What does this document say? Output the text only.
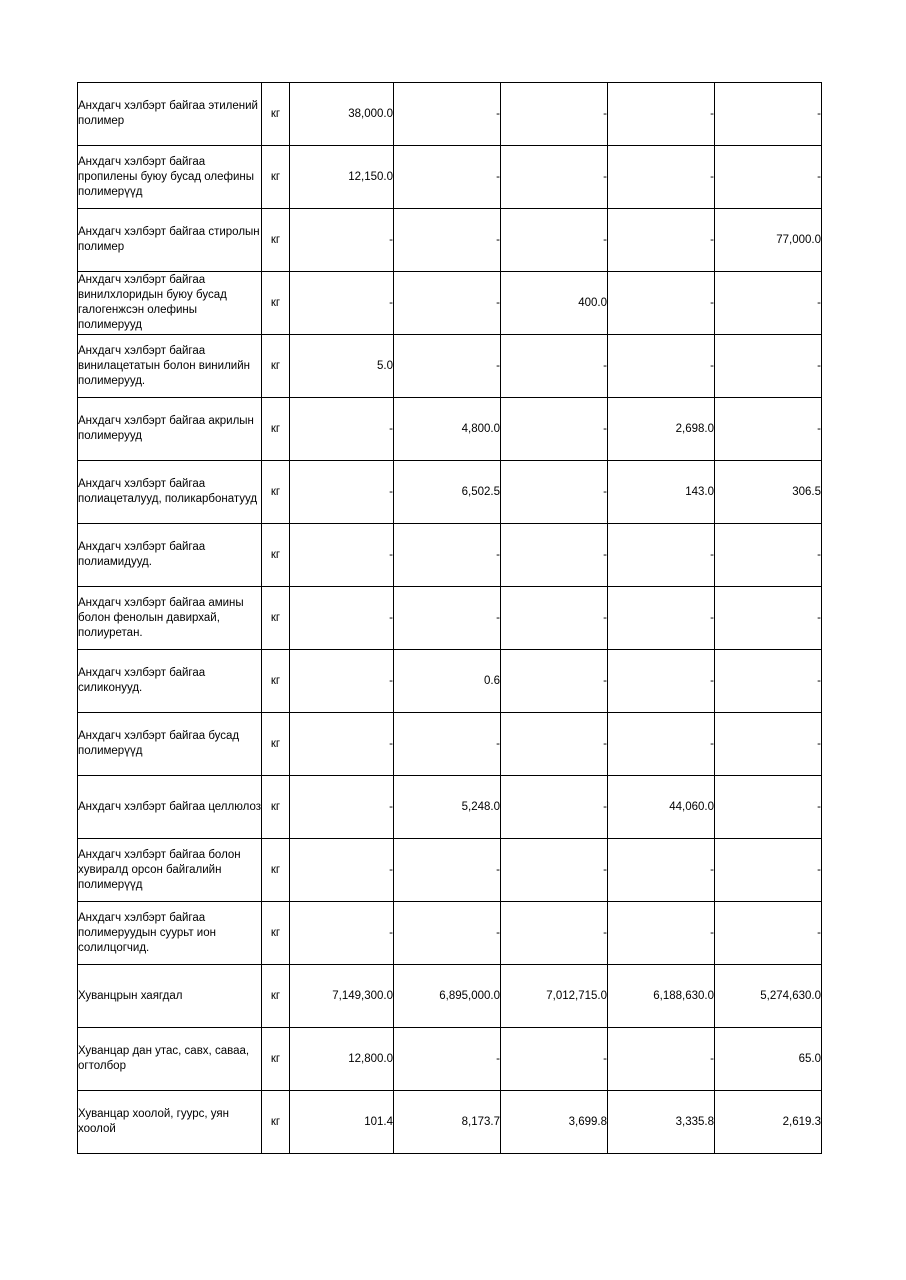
Анхдагч хэлбэрт байгаа этилений полимер	кг	38,000.0	-	-	-	-
Анхдагч хэлбэрт байгаа пропилены буюу бусад олефины полимерүүд	кг	12,150.0	-	-	-	-
Анхдагч хэлбэрт байгаа стиролын полимер	кг	-	-	-	-	77,000.0
Анхдагч хэлбэрт байгаа винилхлоридын буюу бусад галогенжсэн олефины полимерууд	кг	-	-	400.0	-	-
Анхдагч хэлбэрт байгаа винилацетатын болон винилийн полимерууд.	кг	5.0	-	-	-	-
Анхдагч хэлбэрт байгаа акрилын полимерууд	кг	-	4,800.0	-	2,698.0	-
Анхдагч хэлбэрт байгаа полиацеталууд, поликарбонатууд	кг	-	6,502.5	-	143.0	306.5
Анхдагч хэлбэрт байгаа полиамидууд.	кг	-	-	-	-	-
Анхдагч хэлбэрт байгаа амины болон фенолын давирхай, полиуретан.	кг	-	-	-	-	-
Анхдагч хэлбэрт байгаа силиконууд.	кг	-	0.6	-	-	-
Анхдагч хэлбэрт байгаа бусад полимерүүд	кг	-	-	-	-	-
Анхдагч хэлбэрт байгаа целлюлоз	кг	-	5,248.0	-	44,060.0	-
Анхдагч хэлбэрт байгаа болон хувиралд орсон байгалийн полимерүүд	кг	-	-	-	-	-
Анхдагч хэлбэрт байгаа полимеруудын суурьт ион солилцогчид.	кг	-	-	-	-	-
Хуванцрын хаягдал	кг	7,149,300.0	6,895,000.0	7,012,715.0	6,188,630.0	5,274,630.0
Хуванцар дан утас, савх, саваа, огтолбор	кг	12,800.0	-	-	-	65.0
Хуванцар хоолой, гуурс, уян хоолой	кг	101.4	8,173.7	3,699.8	3,335.8	2,619.3
